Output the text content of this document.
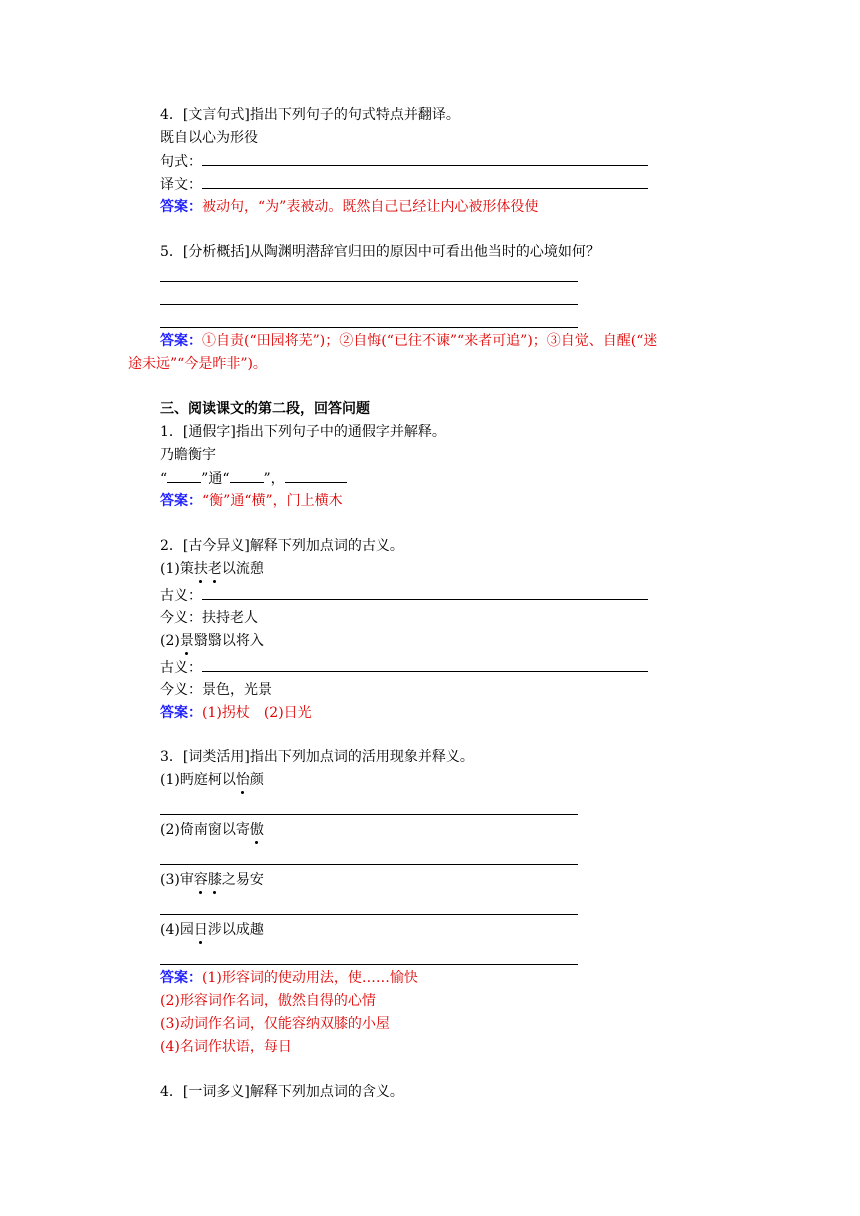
4．[文言句式]指出下列句子的句式特点并翻译。
既自以心为形役
句式：
译文：
答案：被动句，“为”表被动。既然自己已经让内心被形体役使
5．[分析概括]从陶渊明潜辞官归田的原因中可看出他当时的心境如何？
答案：①自责(“田园将芜”)；②自悔(“已往不谏”“来者可追”)；③自觉、自醒(“迷
途未远”“今是昨非”)。
三、阅读课文的第二段，回答问题
1．[通假字]指出下列句子中的通假字并解释。
乃瞻衡宇
“ ”通“ ”，
答案：“衡”通“横”，门上横木
2．[古今异义]解释下列加点词的古义。
(1)策扶老以流憩
古义：
今义：扶持老人
(2)景翳翳以将入
古义：
今义：景色，光景
答案：(1)拐杖　(2)日光
3．[词类活用]指出下列加点词的活用现象并释义。
(1)眄庭柯以怡颜
(2)倚南窗以寄傲
(3)审容膝之易安
(4)园日涉以成趣
答案：(1)形容词的使动用法，使……愉快
(2)形容词作名词，傲然自得的心情
(3)动词作名词，仅能容纳双膝的小屋
(4)名词作状语，每日
4．[一词多义]解释下列加点词的含义。
